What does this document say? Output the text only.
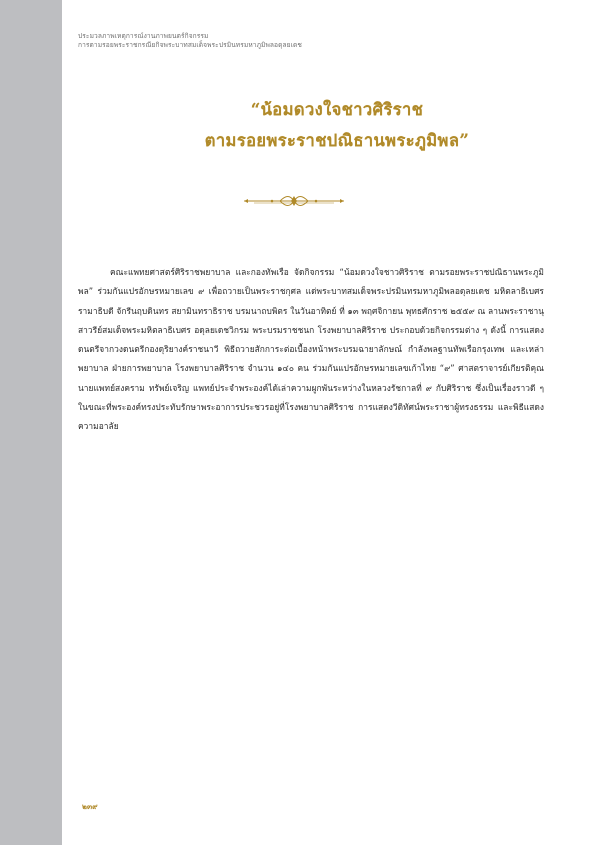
ประมวลภาพเหตุการณ์งานภาพยนตร์กิจกรรม
การตามรอยพระราชกรณียกิจพระบาทสมเด็จพระปรมินทรมหาภูมิพลอดุลยเดช
“น้อมดวงใจชาวศิริราช
ตามรอยพระราชปณิธานพระภูมิพล”
คณะแพทยศาสตร์ศิริราชพยาบาล และกองทัพเรือ จัดกิจกรรม “น้อมดวงใจชาวศิริราช ตามรอยพระราชปณิธานพระภูมิพล” ร่วมกันแปรอักษรหมายเลข ๙ เพื่อถวายเป็นพระราชกุศล แด่พระบาทสมเด็จพระปรมินทรมหาภูมิพลอดุลยเดช มหิตลาธิเบศรรามาธิบดี จักรีนฤบดินทร สยามินทราธิราช บรมนาถบพิตร ในวันอาทิตย์ ที่ ๑๓ พฤศจิกายน พุทธศักราช ๒๕๕๙ ณ ลานพระราชานุสาวรีย์สมเด็จพระมหิตลาธิเบศร อดุลยเดชวิกรม พระบรมราชชนก โรงพยาบาลศิริราช ประกอบด้วยกิจกรรมต่าง ๆ ดังนี้ การแสดงดนตรีจากวงดนตรีกองดุริยางค์ราชนาวี พิธีถวายสักการะต่อเบื้องหน้าพระบรมฉายาลักษณ์ กำลังพลฐานทัพเรือกรุงเทพ และเหล่าพยาบาล ฝ่ายการพยาบาล โรงพยาบาลศิริราช จำนวน ๑๔๐ คน ร่วมกันแปรอักษรหมายเลขเก้าไทย “๙” ศาสตราจารย์เกียรติคุณ นายแพทย์สงคราม ทรัพย์เจริญ แพทย์ประจำพระองค์ได้เล่าความผูกพันระหว่างในหลวงรัชกาลที่ ๙ กับศิริราช ซึ่งเป็นเรื่องราวดี ๆ ในขณะที่พระองค์ทรงประทับรักษาพระอาการประชวรอยู่ที่โรงพยาบาลศิริราช การแสดงวีดิทัศน์พระราชาผู้ทรงธรรม และพิธีแสดงความอาลัย
๒๓๙
